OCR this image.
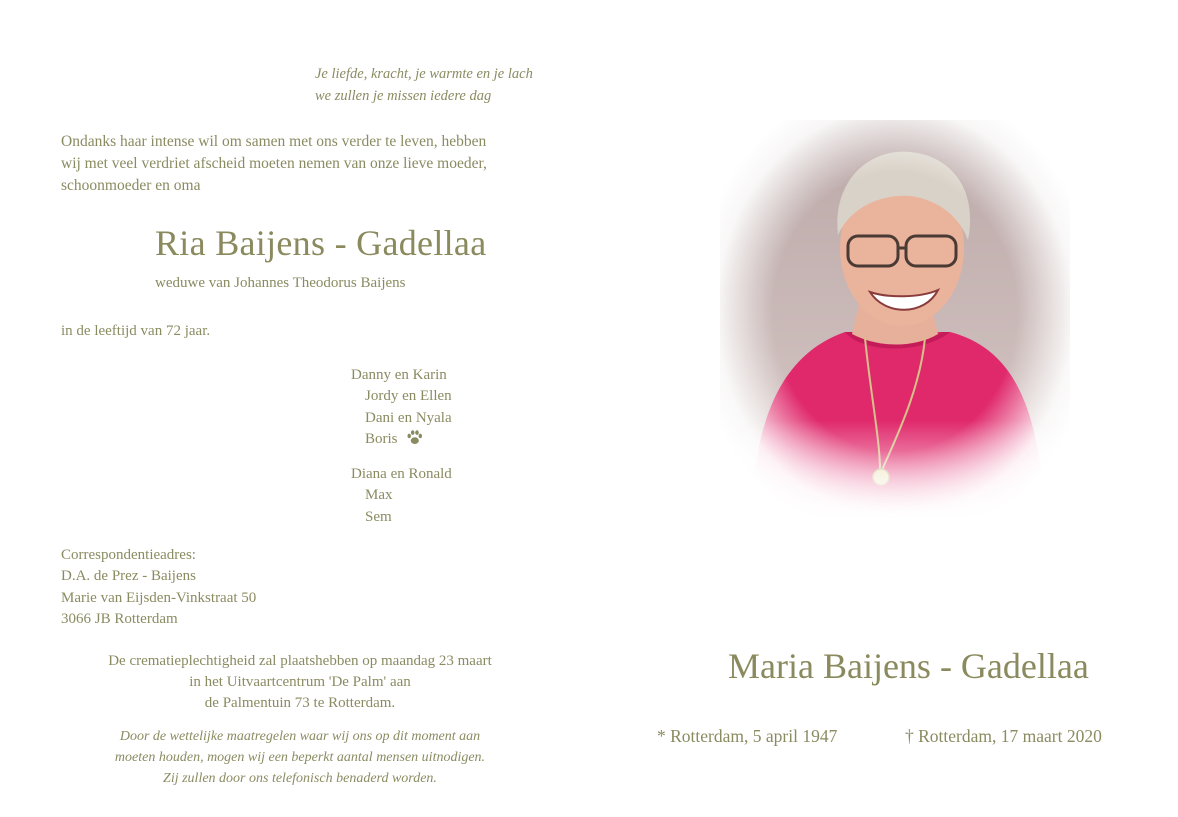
Je liefde, kracht, je warmte en je lach
we zullen je missen iedere dag
Ondanks haar intense wil om samen met ons verder te leven, hebben
wij met veel verdriet afscheid moeten nemen van onze lieve moeder,
schoonmoeder en oma
Ria Baijens - Gadellaa
weduwe van Johannes Theodorus Baijens
in de leeftijd van 72 jaar.
Danny en Karin
Jordy en Ellen
Dani en Nyala
Boris
Diana en Ronald
Max
Sem
Correspondentieadres:
D.A. de Prez - Baijens
Marie van Eijsden-Vinkstraat 50
3066 JB Rotterdam
De crematieplechtigheid zal plaatshebben op maandag 23 maart
in het Uitvaartcentrum 'De Palm' aan
de Palmentuin 73 te Rotterdam.
Door de wettelijke maatregelen waar wij ons op dit moment aan
moeten houden, mogen wij een beperkt aantal mensen uitnodigen.
Zij zullen door ons telefonisch benaderd worden.
Maria Baijens - Gadellaa
* Rotterdam, 5 april 1947	† Rotterdam, 17 maart 2020
